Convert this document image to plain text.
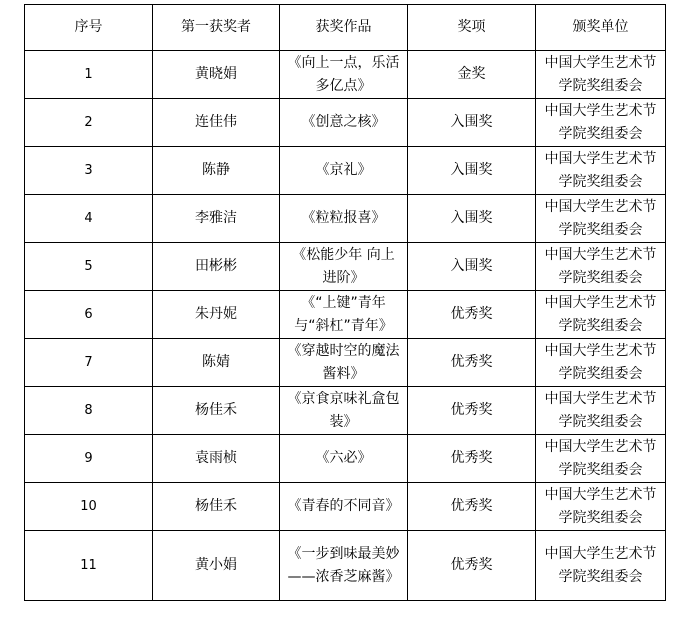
序号	第一获奖者	获奖作品	奖项	颁奖单位
1	黄晓娟	《向上一点，乐活多亿点》	金奖	中国大学生艺术节学院奖组委会
2	连佳伟	《创意之核》	入围奖	中国大学生艺术节学院奖组委会
3	陈静	《京礼》	入围奖	中国大学生艺术节学院奖组委会
4	李雅洁	《粒粒报喜》	入围奖	中国大学生艺术节学院奖组委会
5	田彬彬	《松能少年 向上进阶》	入围奖	中国大学生艺术节学院奖组委会
6	朱丹妮	《“上键”青年与“斜杠”青年》	优秀奖	中国大学生艺术节学院奖组委会
7	陈婧	《穿越时空的魔法酱料》	优秀奖	中国大学生艺术节学院奖组委会
8	杨佳禾	《京食京味礼盒包装》	优秀奖	中国大学生艺术节学院奖组委会
9	袁雨桢	《六必》	优秀奖	中国大学生艺术节学院奖组委会
10	杨佳禾	《青春的不同音》	优秀奖	中国大学生艺术节学院奖组委会
11	黄小娟	《一步到味最美妙——浓香芝麻酱》	优秀奖	中国大学生艺术节学院奖组委会
